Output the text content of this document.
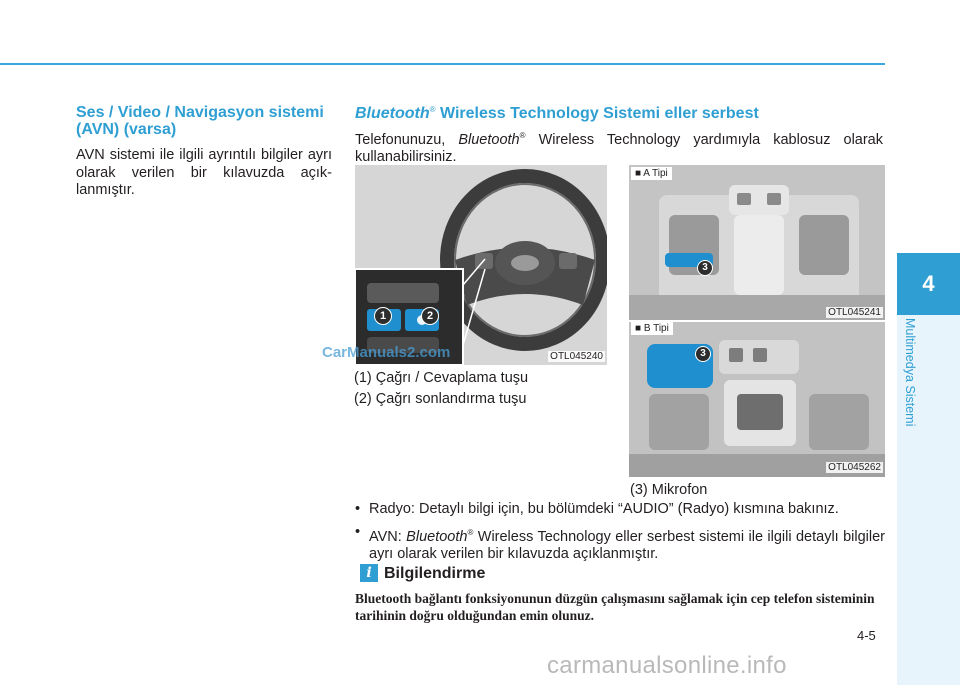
4
Multimedya Sistemi
Ses / Video / Navigasyon sistemi (AVN) (varsa)
AVN sistemi ile ilgili ayrıntılı bilgiler ayrı olarak verilen bir kılavuzda açık-lanmıştır.
Bluetooth® Wireless Technology Sistemi eller serbest
Telefonunuzu, Bluetooth® Wireless Technology yardımıyla kablosuz olarak kullanabilirsiniz.
1	2
OTL045240
■ A Tipi
3
OTL045241
■ B Tipi
3
OTL045262
(1) Çağrı / Cevaplama tuşu
(2) Çağrı sonlandırma tuşu
(3) Mikrofon
• Radyo: Detaylı bilgi için, bu bölümdeki “AUDIO” (Radyo) kısmına bakınız.
• AVN: Bluetooth® Wireless Technology eller serbest sistemi ile ilgili detaylı bilgiler ayrı olarak verilen bir kılavuzda açıklanmıştır.
i Bilgilendirme
Bluetooth bağlantı fonksiyonunun düzgün çalışmasını sağlamak için cep telefon sisteminin tarihinin doğru olduğundan emin olunuz.
4-5
CarManuals2.com
carmanualsonline.info
